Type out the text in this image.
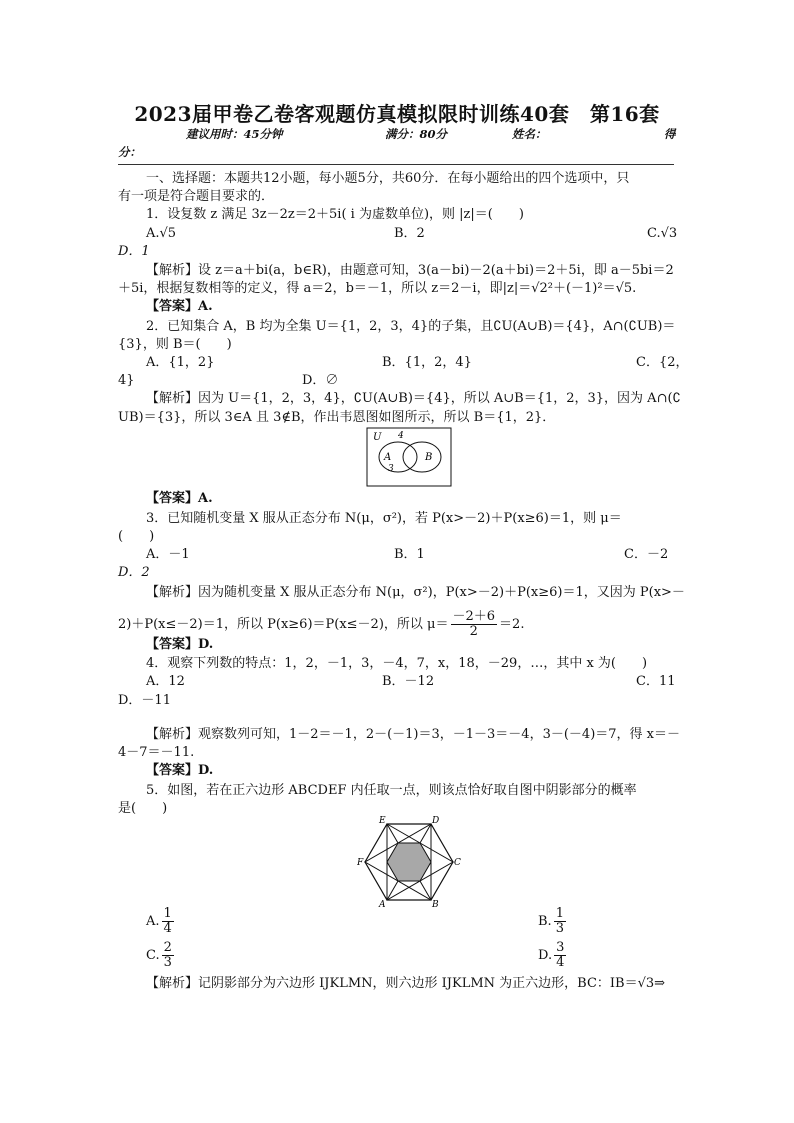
2023届甲卷乙卷客观题仿真模拟限时训练40套　第16套
建议用时：45分钟	满分：80分	姓名：	得
分：
一、选择题：本题共12小题，每小题5分，共60分．在每小题给出的四个选项中，只
有一项是符合题目要求的．
1．设复数 z 满足 3z－2z＝2＋5i( i 为虚数单位)，则 |z|＝(　　)
A.√5	B．2	C.√3
D．1
【解析】设 z＝a＋bi(a，b∈R)，由题意可知，3(a－bi)－2(a＋bi)＝2＋5i，即 a－5bi＝2
＋5i，根据复数相等的定义，得 a＝2，b＝－1，所以 z＝2－i，即|z|＝√2²＋(－1)²＝√5.
【答案】A.
2．已知集合 A，B 均为全集 U＝{1，2，3，4}的子集，且∁U(A∪B)＝{4}，A∩(∁UB)＝
{3}，则 B＝(　　)
A．{1，2}	B．{1，2，4}	C．{2，
4}	D．∅
【解析】因为 U＝{1，2，3，4}，∁U(A∪B)＝{4}，所以 A∪B＝{1，2，3}，因为 A∩(∁
UB)＝{3}，所以 3∈A 且 3∉B，作出韦恩图如图所示，所以 B＝{1，2}．
U 4
A	B
3
【答案】A.
3．已知随机变量 X 服从正态分布 N(μ，σ²)，若 P(x>－2)＋P(x≥6)＝1，则 μ＝
(　　)
A．－1	B．1	C．－2
D．2
【解析】因为随机变量 X 服从正态分布 N(μ，σ²)，P(x>－2)＋P(x≥6)＝1，又因为 P(x>－
2)＋P(x≤－2)＝1，所以 P(x≥6)＝P(x≤－2)，所以 $\mu= \frac{-2+6}{2} =2$.
【答案】D.
4．观察下列数的特点：1，2，－1，3，－4，7，x，18，－29，…，其中 x 为(　　)
A．12	B．－12	C．11
D．－11
【解析】观察数列可知，1－2＝－1，2－(－1)＝3，－1－3＝－4，3－(－4)＝7，得 x＝－
4－7＝－11.
【答案】D.
5．如图，若在正六边形 ABCDEF 内任取一点，则该点恰好取自图中阴影部分的概率
是(　　)
E	D
F	C
A	B
A. $\frac{1}{4}$	B. $\frac{1}{3}$
C. $\frac{2}{3}$	D. $\frac{3}{4}$
【解析】记阴影部分为六边形 IJKLMN，则六边形 IJKLMN 为正六边形，BC：IB＝√3⇒
